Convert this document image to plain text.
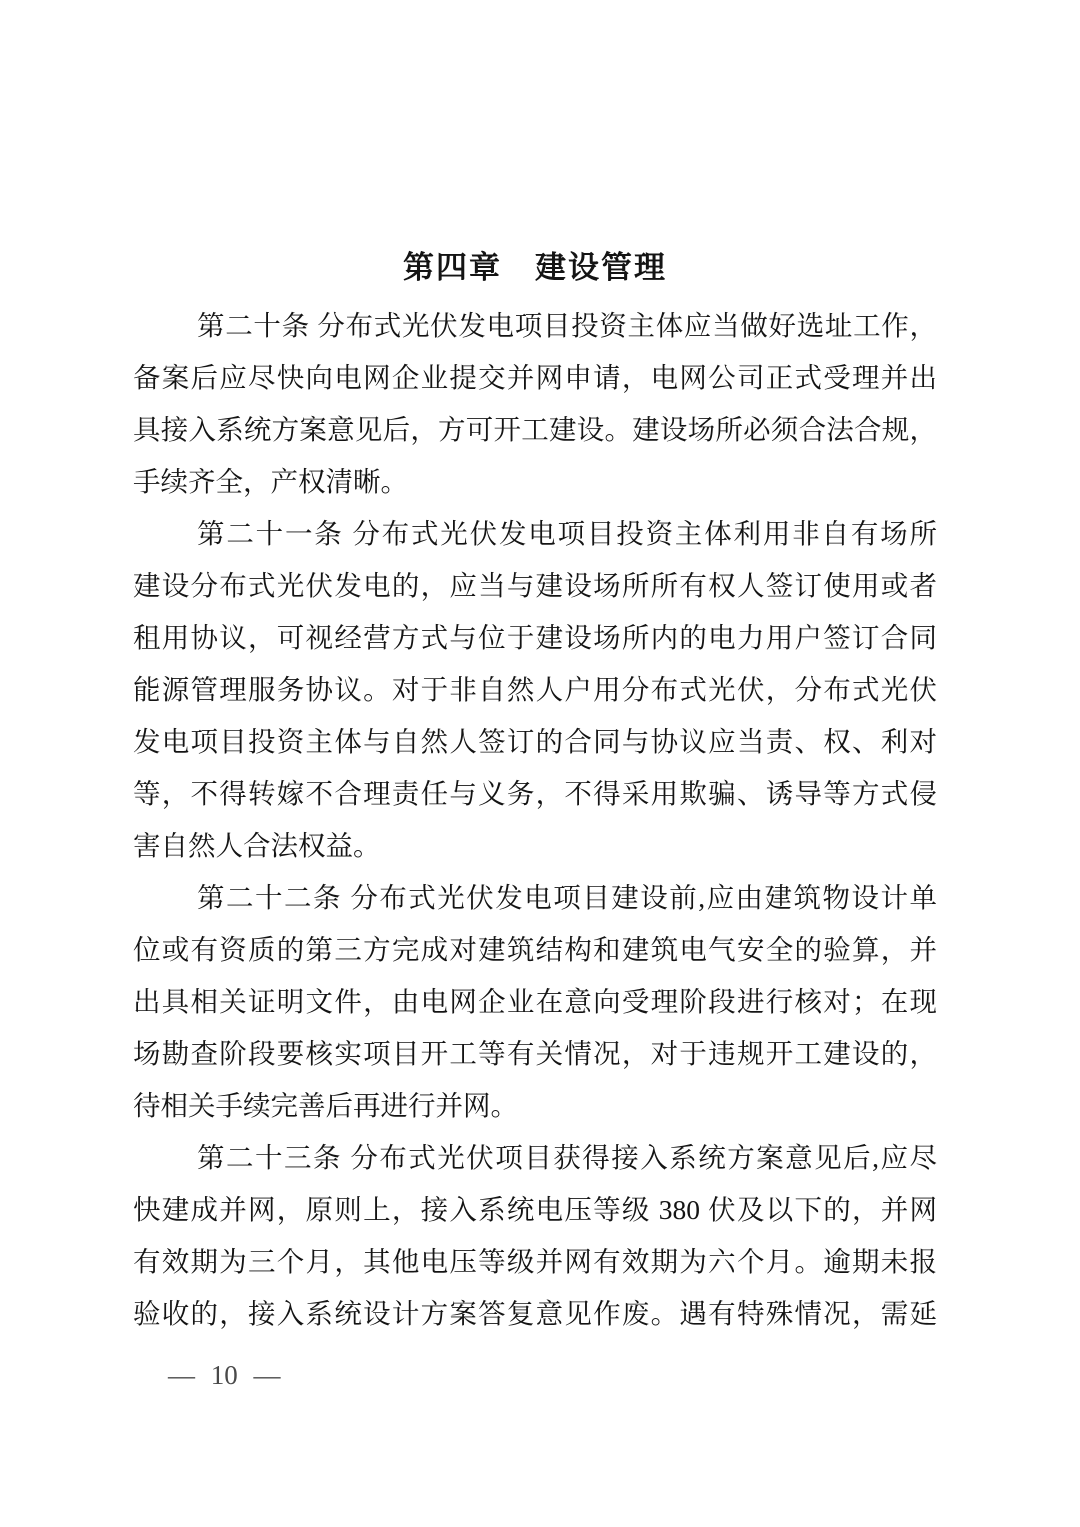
第四章　建设管理
第二十条 分布式光伏发电项目投资主体应当做好选址工作，
备案后应尽快向电网企业提交并网申请，电网公司正式受理并出
具接入系统方案意见后，方可开工建设。建设场所必须合法合规，
手续齐全，产权清晰。
第二十一条 分布式光伏发电项目投资主体利用非自有场所
建设分布式光伏发电的，应当与建设场所所有权人签订使用或者
租用协议，可视经营方式与位于建设场所内的电力用户签订合同
能源管理服务协议。对于非自然人户用分布式光伏，分布式光伏
发电项目投资主体与自然人签订的合同与协议应当责、权、利对
等，不得转嫁不合理责任与义务，不得采用欺骗、诱导等方式侵
害自然人合法权益。
第二十二条 分布式光伏发电项目建设前,应由建筑物设计单
位或有资质的第三方完成对建筑结构和建筑电气安全的验算，并
出具相关证明文件，由电网企业在意向受理阶段进行核对；在现
场勘查阶段要核实项目开工等有关情况，对于违规开工建设的，
待相关手续完善后再进行并网。
第二十三条 分布式光伏项目获得接入系统方案意见后,应尽
快建成并网，原则上，接入系统电压等级 380 伏及以下的，并网
有效期为三个月，其他电压等级并网有效期为六个月。逾期未报
验收的，接入系统设计方案答复意见作废。遇有特殊情况，需延
— 10 —
